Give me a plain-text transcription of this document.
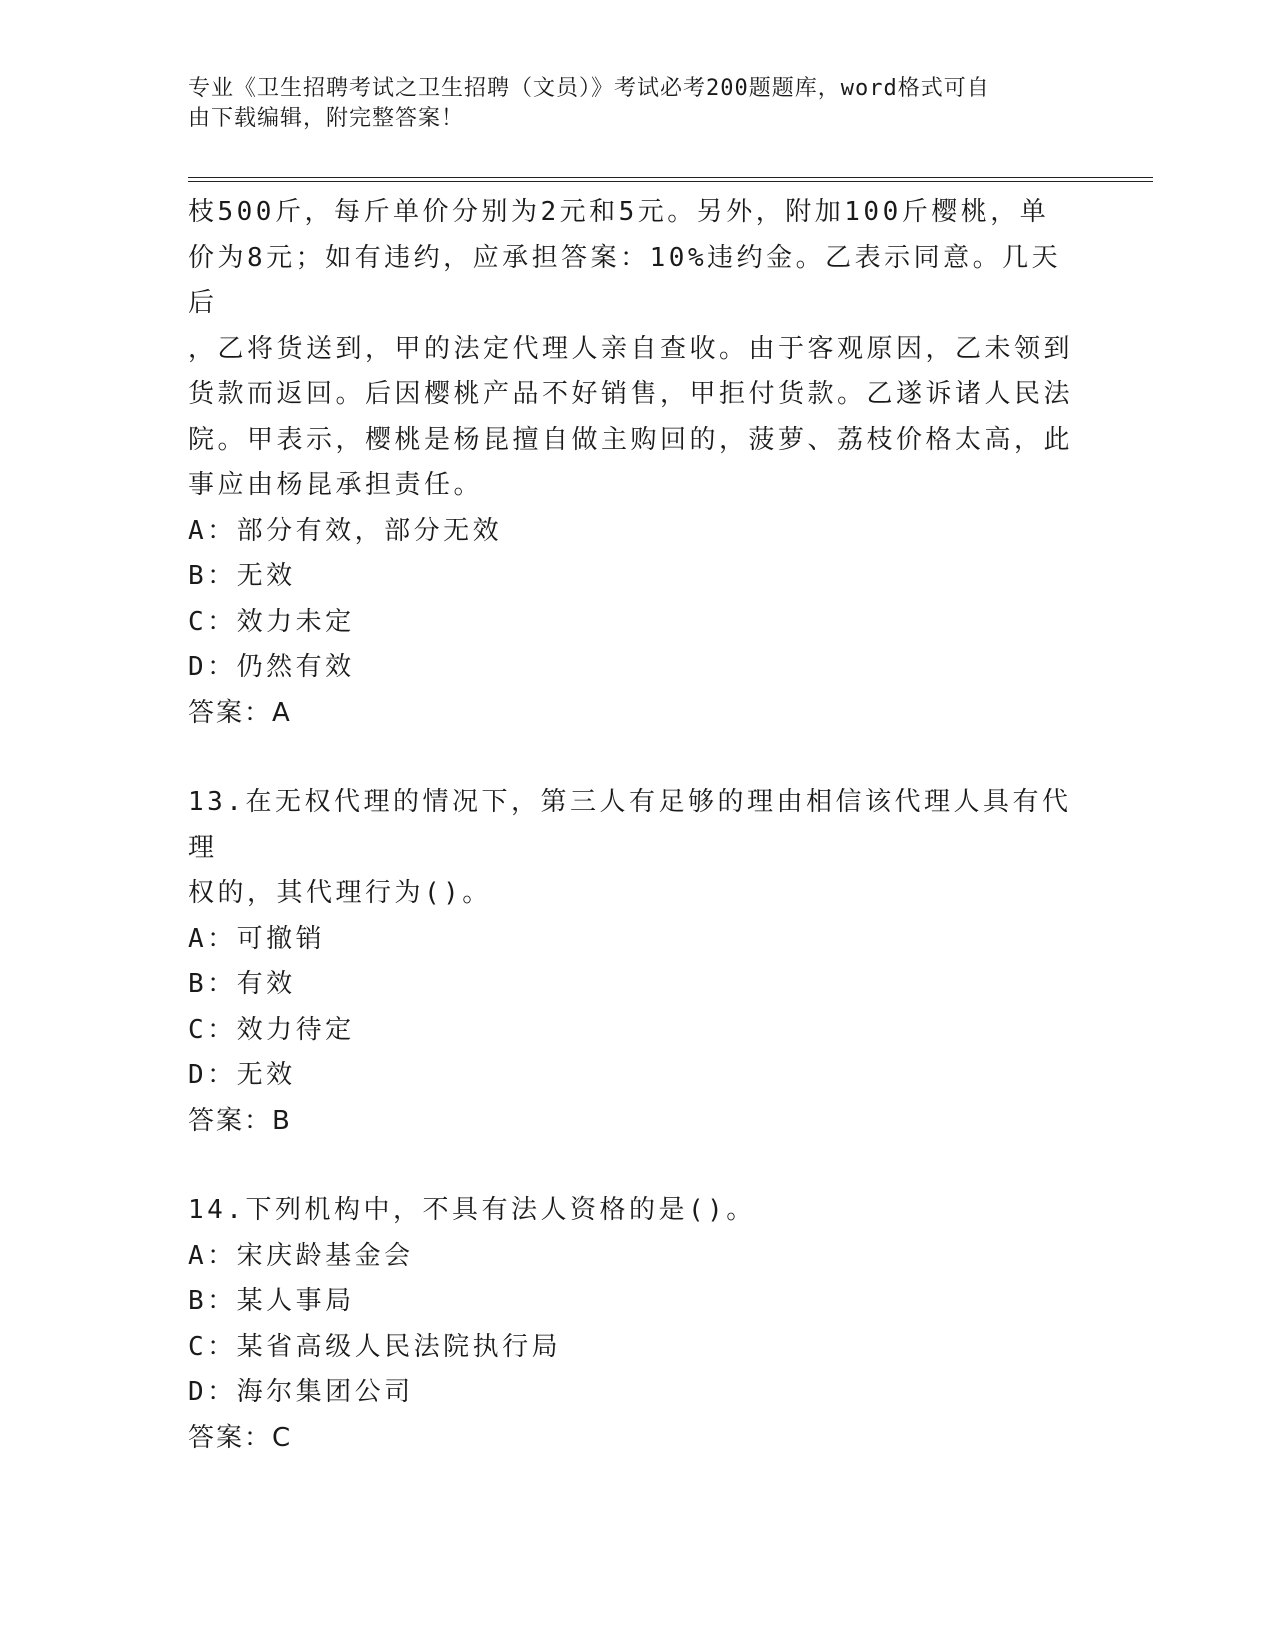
专业《卫生招聘考试之卫生招聘（文员）》考试必考200题题库，word格式可自
由下载编辑，附完整答案！

枝500斤，每斤单价分别为2元和5元。另外，附加100斤樱桃，单

价为8元；如有违约，应承担答案：10%违约金。乙表示同意。几天后

，乙将货送到，甲的法定代理人亲自查收。由于客观原因，乙未领到

货款而返回。后因樱桃产品不好销售，甲拒付货款。乙遂诉诸人民法

院。甲表示，樱桃是杨昆擅自做主购回的，菠萝、荔枝价格太高，此

事应由杨昆承担责任。

A：部分有效，部分无效

B：无效

C：效力未定

D：仍然有效

答案：A

13.在无权代理的情况下，第三人有足够的理由相信该代理人具有代理

权的，其代理行为()。

A：可撤销

B：有效

C：效力待定

D：无效

答案：B

14.下列机构中，不具有法人资格的是()。

A：宋庆龄基金会

B：某人事局

C：某省高级人民法院执行局

D：海尔集团公司

答案：C
